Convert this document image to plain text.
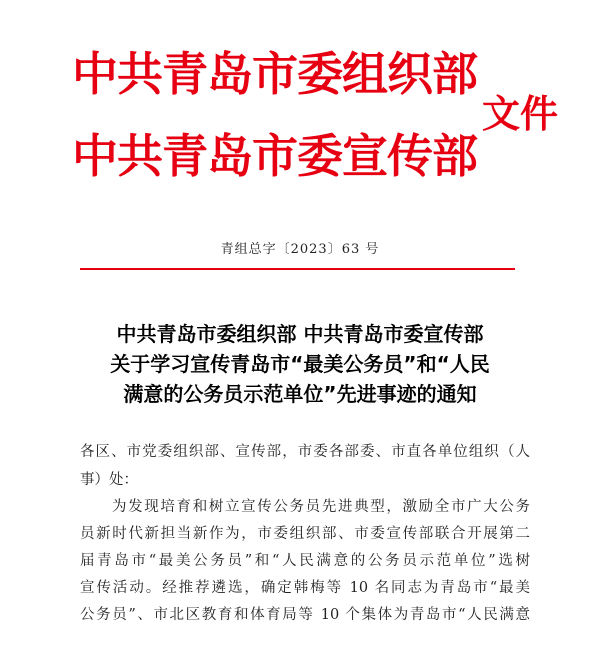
中共青岛市委组织部
中共青岛市委宣传部
文件
青组总字〔2023〕63 号
中共青岛市委组织部 中共青岛市委宣传部
关于学习宣传青岛市“最美公务员”和“人民
满意的公务员示范单位”先进事迹的通知
各区、市党委组织部、宣传部，市委各部委、市直各单位组织（人
事）处：
为发现培育和树立宣传公务员先进典型，激励全市广大公务
员新时代新担当新作为，市委组织部、市委宣传部联合开展第二
届青岛市“最美公务员”和“人民满意的公务员示范单位”选树
宣传活动。经推荐遴选，确定韩梅等 10 名同志为青岛市“最美
公务员”、市北区教育和体育局等 10 个集体为青岛市“人民满意
